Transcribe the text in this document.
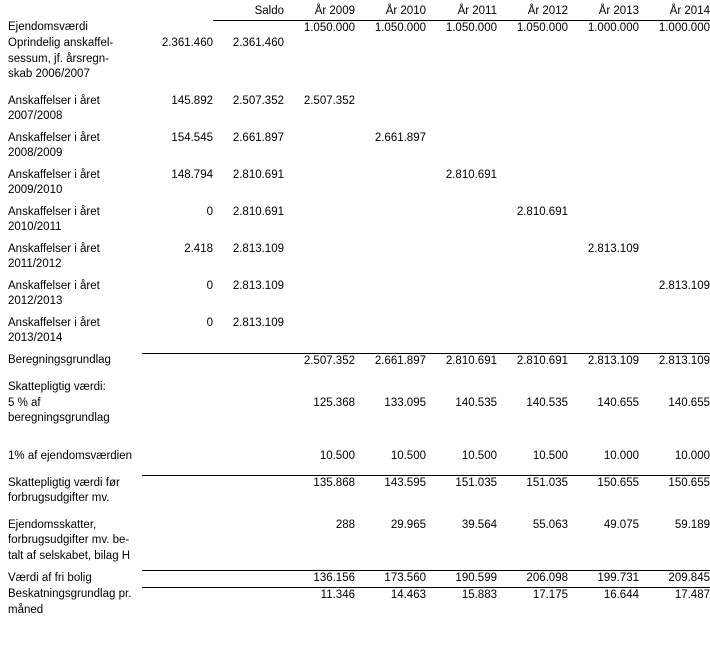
		Saldo	År 2009	År 2010	År 2011	År 2012	År 2013	År 2014
Ejendomsværdi			1.050.000	1.050.000	1.050.000	1.050.000	1.000.000	1.000.000

Oprindelig anskaffel-
sessum, jf. årsregn-
skab 2006/2007	2.361.460	2.361.460						

Anskaffelser i året
2007/2008	145.892	2.507.352	2.507.352					

Anskaffelser i året
2008/2009	154.545	2.661.897		2.661.897				

Anskaffelser i året
2009/2010	148.794	2.810.691			2.810.691			

Anskaffelser i året
2010/2011	0	2.810.691				2.810.691		

Anskaffelser i året
2011/2012	2.418	2.813.109					2.813.109	

Anskaffelser i året
2012/2013	0	2.813.109						2.813.109

Anskaffelser i året
2013/2014	0	2.813.109						

Beregningsgrundlag			2.507.352	2.661.897	2.810.691	2.810.691	2.813.109	2.813.109

Skattepligtig værdi:								
5 % af beregningsgrundlag			125.368	133.095	140.535	140.535	140.655	140.655

1% af ejendomsværdien			10.500	10.500	10.500	10.500	10.000	10.000

Skattepligtig værdi før forbrugsudgifter mv.			135.868	143.595	151.035	151.035	150.655	150.655

Ejendomsskatter, forbrugsudgifter mv. be-
talt af selskabet, bilag H			288	29.965	39.564	55.063	49.075	59.189

Værdi af fri bolig			136.156	173.560	190.599	206.098	199.731	209.845
Beskatningsgrundlag pr. måned			11.346	14.463	15.883	17.175	16.644	17.487
